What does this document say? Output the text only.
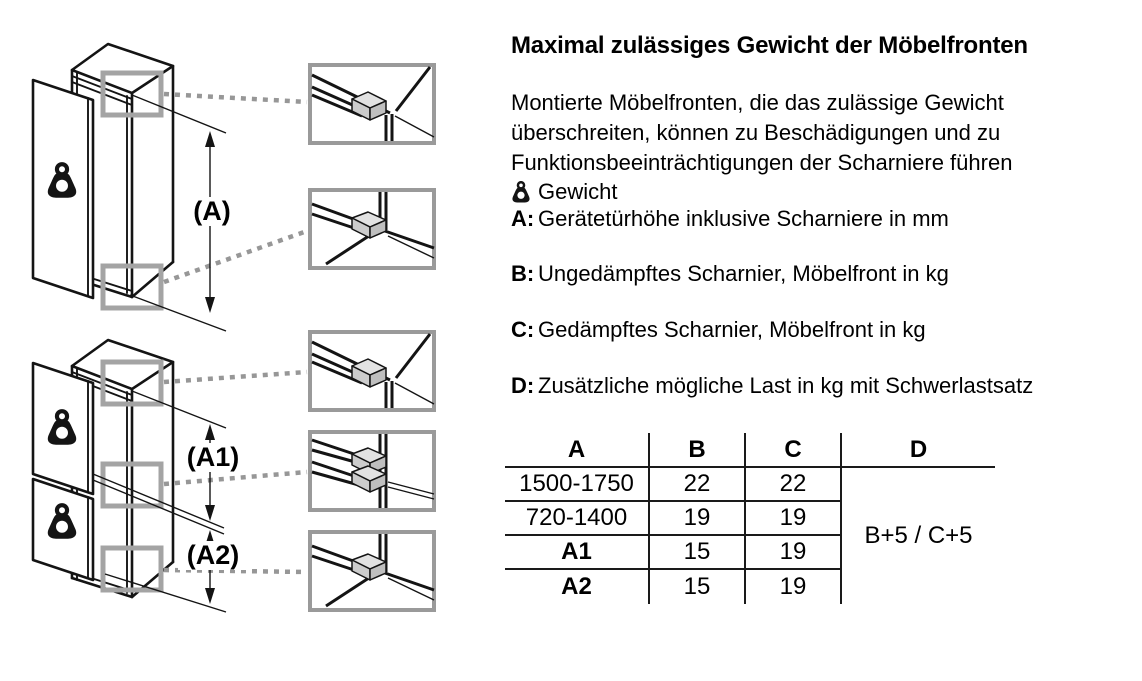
(A)
(A1)
(A2)
Maximal zulässiges Gewicht der Möbelfronten
Montierte Möbelfronten, die das zulässige Gewicht
überschreiten, können zu Beschädigungen und zu
Funktionsbeeinträchtigungen der Scharniere führen
Gewicht
A: Gerätetürhöhe inklusive Scharniere in mm
B: Ungedämpftes Scharnier, Möbelfront in kg
C: Gedämpftes Scharnier, Möbelfront in kg
D: Zusätzliche mögliche Last in kg mit Schwerlastsatz
A	B	C	D
B+5 / C+5
1500-1750	22	22
720-1400	19	19
A1	15	19
A2	15	19
